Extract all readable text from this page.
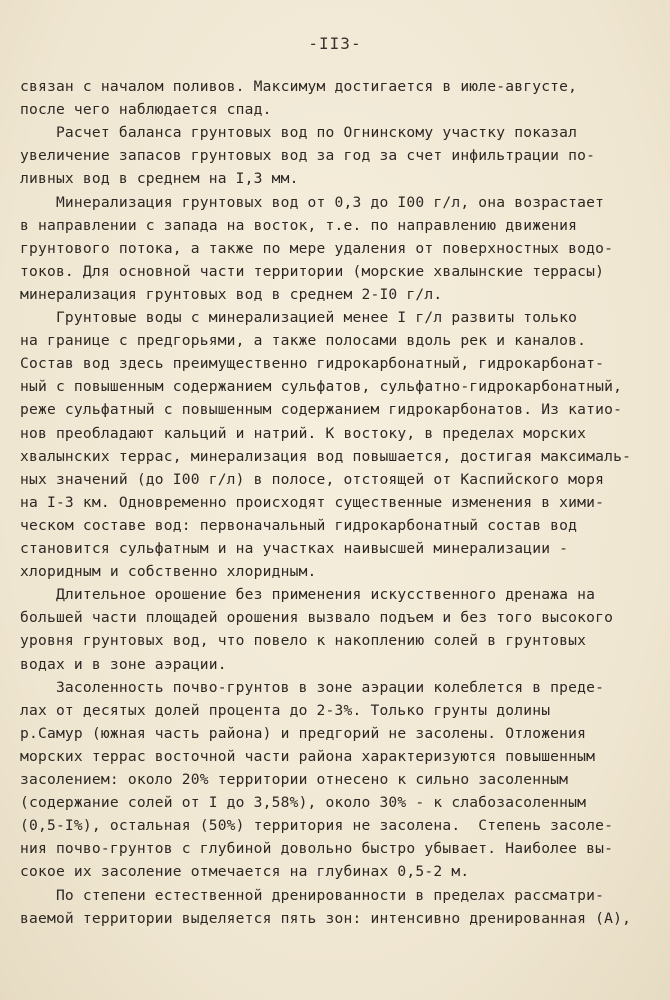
-II3-
связан с началом поливов. Максимум достигается в июле-августе,
после чего наблюдается спад.
Расчет баланса грунтовых вод по Огнинскому участку показал
увеличение запасов грунтовых вод за год за счет инфильтрации по-
ливных вод в среднем на I,3 мм.
Минерализация грунтовых вод от 0,3 до I00 г/л, она возрастает
в направлении с запада на восток, т.е. по направлению движения
грунтового потока, а также по мере удаления от поверхностных водо-
токов. Для основной части территории (морские хвалынские террасы)
минерализация грунтовых вод в среднем 2-I0 г/л.
Грунтовые воды с минерализацией менее I г/л развиты только
на границе с предгорьями, а также полосами вдоль рек и каналов.
Состав вод здесь преимущественно гидрокарбонатный, гидрокарбонат-
ный с повышенным содержанием сульфатов, сульфатно-гидрокарбонатный,
реже сульфатный с повышенным содержанием гидрокарбонатов. Из катио-
нов преобладают кальций и натрий. К востоку, в пределах морских
хвалынских террас, минерализация вод повышается, достигая максималь-
ных значений (до I00 г/л) в полосе, отстоящей от Каспийского моря
на I-3 км. Одновременно происходят существенные изменения в хими-
ческом составе вод: первоначальный гидрокарбонатный состав вод
становится сульфатным и на участках наивысшей минерализации -
хлоридным и собственно хлоридным.
Длительное орошение без применения искусственного дренажа на
большей части площадей орошения вызвало подъем и без того высокого
уровня грунтовых вод, что повело к накоплению солей в грунтовых
водах и в зоне аэрации.
Засоленность почво-грунтов в зоне аэрации колеблется в преде-
лах от десятых долей процента до 2-3%. Только грунты долины
р.Самур (южная часть района) и предгорий не засолены. Отложения
морских террас восточной части района характеризуются повышенным
засолением: около 20% территории отнесено к сильно засоленным
(содержание солей от I до 3,58%), около 30% - к слабозасоленным
(0,5-I%), остальная (50%) территория не засолена.  Степень засоле-
ния почво-грунтов с глубиной довольно быстро убывает. Наиболее вы-
сокое их засоление отмечается на глубинах 0,5-2 м.
По степени естественной дренированности в пределах рассматри-
ваемой территории выделяется пять зон: интенсивно дренированная (А),
